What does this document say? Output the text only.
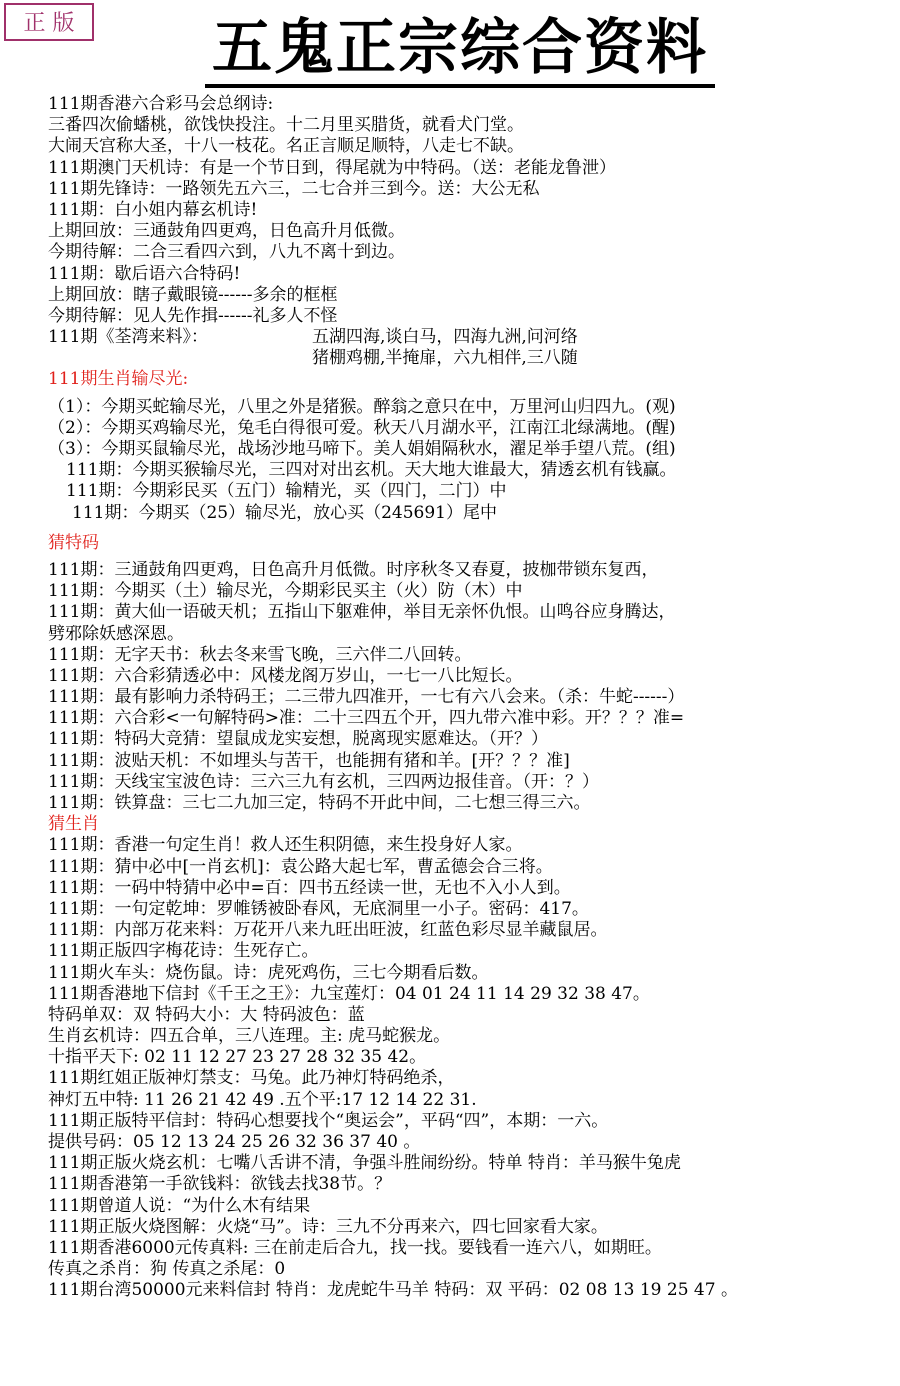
正 版	五鬼正宗综合资料
111期香港六合彩马会总纲诗:
三番四次偷蟠桃，欲饯快投注。十二月里买腊货，就看犬门堂。
大闹天宫称大圣，十八一枝花。名正言顺足顺特，八走七不缺。
111期澳门天机诗：有是一个节日到，得尾就为中特码。（送：老能龙鲁泄）
111期先锋诗：一路领先五六三，二七合并三到今。送：大公无私
111期：白小姐内幕玄机诗!
上期回放：三通鼓角四更鸡，日色高升月低微。
今期待解：二合三看四六到，八九不离十到边。
111期：歇后语六合特码!
上期回放：瞎子戴眼镜------多余的框框
今期待解：见人先作揖------礼多人不怪
111期《荃湾来料》：	五湖四海,谈白马，四海九洲,问河络
猪棚鸡棚,半掩扉，六九相伴,三八随
111期生肖输尽光:
（1）：今期买蛇输尽光，八里之外是猪猴。醉翁之意只在中，万里河山归四九。(观)
（2）：今期买鸡输尽光，兔毛白得很可爱。秋天八月湖水平，江南江北绿满地。(醒)
（3）：今期买鼠输尽光，战场沙地马啼下。美人娟娟隔秋水，濯足举手望八荒。(组)
111期：今期买猴输尽光，三四对对出玄机。天大地大谁最大，猜透玄机有钱赢。
111期：今期彩民买（五门）输精光，买（四门，二门）中
111期：今期买（25）输尽光，放心买（245691）尾中
猜特码
111期：三通鼓角四更鸡，日色高升月低微。时序秋冬又春夏，披枷带锁东复西，
111期：今期买（土）输尽光，今期彩民买主（火）防（木）中
111期：黄大仙一语破天机；五指山下躯难伸，举目无亲怀仇恨。山鸣谷应身腾达，
劈邪除妖感深恩。
111期：无字天书：秋去冬来雪飞晚，三六伴二八回转。
111期：六合彩猜透必中：风楼龙阁万岁山，一七一八比短长。
111期：最有影响力杀特码王；二三带九四准开，一七有六八会来。（杀：牛蛇------）
111期：六合彩<一句解特码>准：二十三四五个开，四九带六准中彩。开？？？准=
111期：特码大竞猜：望鼠成龙实妄想，脱离现实愿难达。（开？）
111期：波贴天机：不如埋头与苦干，也能拥有猪和羊。[开？？？准]
111期：天线宝宝波色诗：三六三九有玄机，三四两边报佳音。（开：？）
111期：铁算盘：三七二九加三定，特码不开此中间，二七想三得三六。
猜生肖
111期：香港一句定生肖！救人还生积阴德，来生投身好人家。
111期：猜中必中[一肖玄机]：袁公路大起七军，曹孟德会合三将。
111期：一码中特猜中必中=百：四书五经读一世，无也不入小人到。
111期：一句定乾坤：罗帷锈被卧春风，无底洞里一小子。密码：417。
111期：内部万花来料：万花开八来九旺出旺波，红蓝色彩尽显羊藏鼠居。
111期正版四字梅花诗：生死存亡。
111期火车头：烧伤鼠。诗：虎死鸡伤，三七今期看后数。
111期香港地下信封《千王之王》：九宝莲灯：04 01 24 11 14 29 32 38 47。
特码单双：双 特码大小：大 特码波色：蓝
生肖玄机诗：四五合单，三八连理。主: 虎马蛇猴龙。
十指平天下: 02 11 12 27 23 27 28 32 35 42。
111期红姐正版神灯禁支：马兔。此乃神灯特码绝杀，
神灯五中特: 11 26 21 42 49 .五个平:17 12 14 22 31.
111期正版特平信封：特码心想要找个“奥运会”，平码“四”，本期：一六。
提供号码：05 12 13 24 25 26 32 36 37 40 。
111期正版火烧玄机：七嘴八舌讲不清，争强斗胜闹纷纷。特单 特肖：羊马猴牛兔虎
111期香港第一手欲钱料：欲钱去找38节。？
111期曾道人说：“为什么木有结果
111期正版火烧图解：火烧“马”。诗：三九不分再来六，四七回家看大家。
111期香港6000元传真料: 三在前走后合九，找一找。要钱看一连六八，如期旺。
传真之杀肖：狗 传真之杀尾：0
111期台湾50000元来料信封 特肖：龙虎蛇牛马羊 特码：双 平码：02 08 13 19 25 47 。
